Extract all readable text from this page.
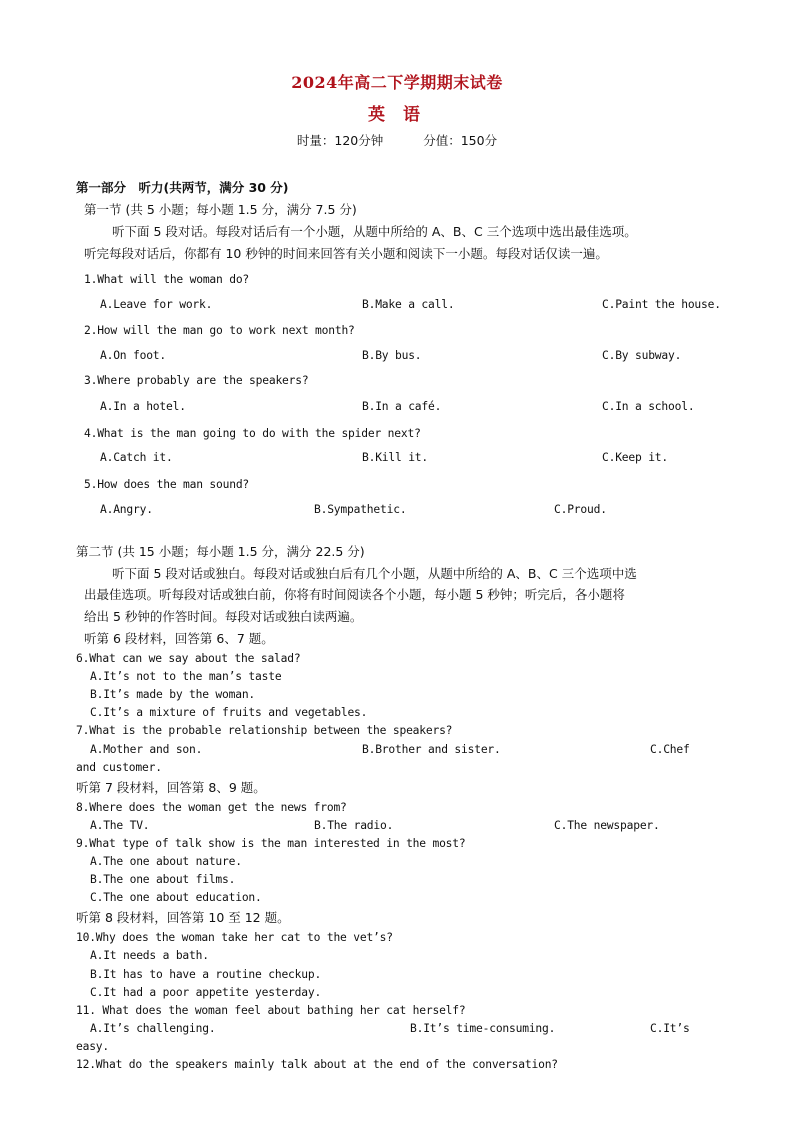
2024年高二下学期期末试卷
英 语
时量：120分钟	分值：150分
第一部分　听力(共两节，满分 30 分)
第一节 (共 5 小题；每小题 1.5 分，满分 7.5 分)
听下面 5 段对话。每段对话后有一个小题，从题中所给的 A、B、C 三个选项中选出最佳选项。
听完每段对话后，你都有 10 秒钟的时间来回答有关小题和阅读下一小题。每段对话仅读一遍。
1.What will the woman do?
A.Leave for work.	B.Make a call.	C.Paint the house.
2.How will the man go to work next month?
A.On foot.	B.By bus.	C.By subway.
3.Where probably are the speakers?
A.In a hotel.	B.In a café.	C.In a school.
4.What is the man going to do with the spider next?
A.Catch it.	B.Kill it.	C.Keep it.
5.How does the man sound?
A.Angry.	B.Sympathetic.	C.Proud.
第二节 (共 15 小题；每小题 1.5 分，满分 22.5 分)
听下面 5 段对话或独白。每段对话或独白后有几个小题，从题中所给的 A、B、C 三个选项中选
出最佳选项。听每段对话或独白前，你将有时间阅读各个小题，每小题 5 秒钟；听完后，各小题将
给出 5 秒钟的作答时间。每段对话或独白读两遍。
听第 6 段材料，回答第 6、7 题。
6.What can we say about the salad?
A.It’s not to the man’s taste
B.It’s made by the woman.
C.It’s a mixture of fruits and vegetables.
7.What is the probable relationship between the speakers?
A.Mother and son.	B.Brother and sister.	C.Chef
and customer.
听第 7 段材料，回答第 8、9 题。
8.Where does the woman get the news from?
A.The TV.	B.The radio.	C.The newspaper.
9.What type of talk show is the man interested in the most?
A.The one about nature.
B.The one about films.
C.The one about education.
听第 8 段材料，回答第 10 至 12 题。
10.Why does the woman take her cat to the vet’s?
A.It needs a bath.
B.It has to have a routine checkup.
C.It had a poor appetite yesterday.
11. What does the woman feel about bathing her cat herself?
A.It’s challenging.	B.It’s time-consuming.	C.It’s
easy.
12.What do the speakers mainly talk about at the end of the conversation?
